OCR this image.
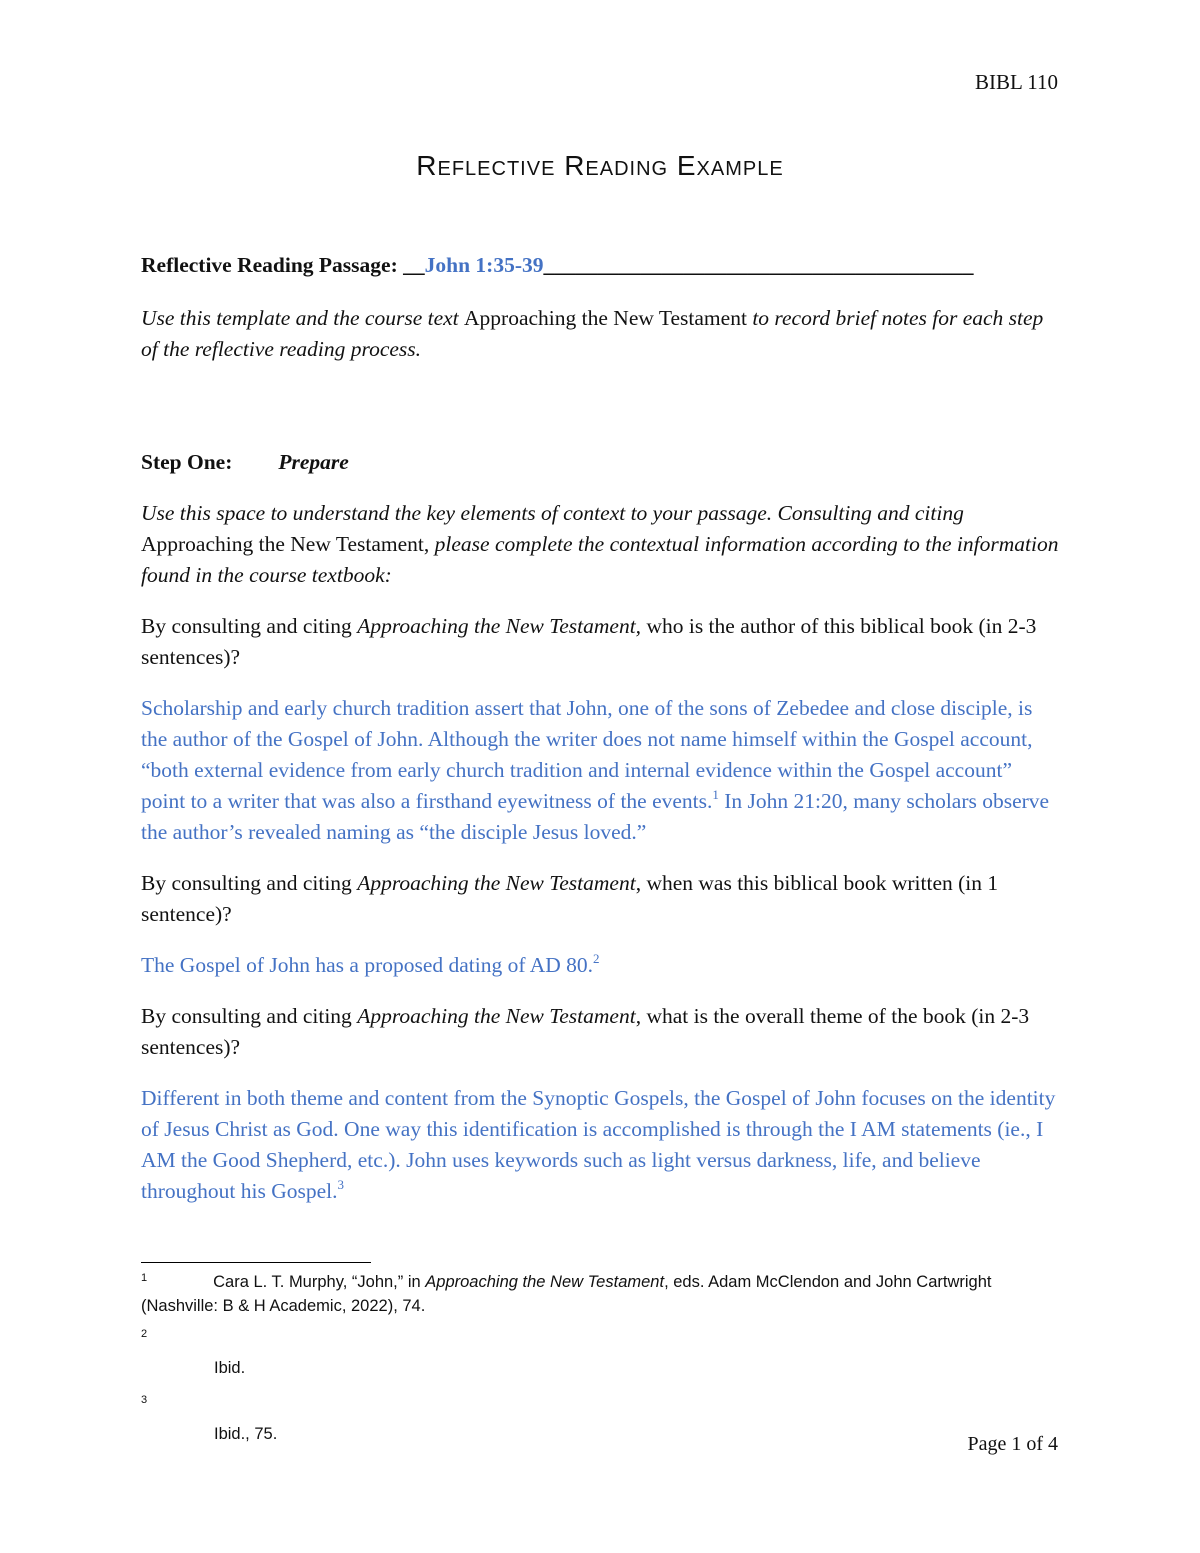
BIBL 110
Reflective Reading Example

Reflective Reading Passage: __John 1:35-39________________________________________

Use this template and the course text Approaching the New Testament to record brief notes for each step of the reflective reading process.

Step One: Prepare

Use this space to understand the key elements of context to your passage. Consulting and citing Approaching the New Testament, please complete the contextual information according to the information found in the course textbook:

By consulting and citing Approaching the New Testament, who is the author of this biblical book (in 2-3 sentences)?

Scholarship and early church tradition assert that John, one of the sons of Zebedee and close disciple, is the author of the Gospel of John. Although the writer does not name himself within the Gospel account, “both external evidence from early church tradition and internal evidence within the Gospel account” point to a writer that was also a firsthand eyewitness of the events.$^1$ In John 21:20, many scholars observe the author’s revealed naming as “the disciple Jesus loved.”

By consulting and citing Approaching the New Testament, when was this biblical book written (in 1 sentence)?

The Gospel of John has a proposed dating of AD 80.$^2$

By consulting and citing Approaching the New Testament, what is the overall theme of the book (in 2-3 sentences)?

Different in both theme and content from the Synoptic Gospels, the Gospel of John focuses on the identity of Jesus Christ as God. One way this identification is accomplished is through the I AM statements (ie., I AM the Good Shepherd, etc.). John uses keywords such as light versus darkness, life, and believe throughout his Gospel.$^3$

$^1$	Cara L. T. Murphy, “John,” in Approaching the New Testament, eds. Adam McClendon and John Cartwright (Nashville: B & H Academic, 2022), 74.
$^2$
Ibid.
$^3$
Ibid., 75.	Page 1 of 4
